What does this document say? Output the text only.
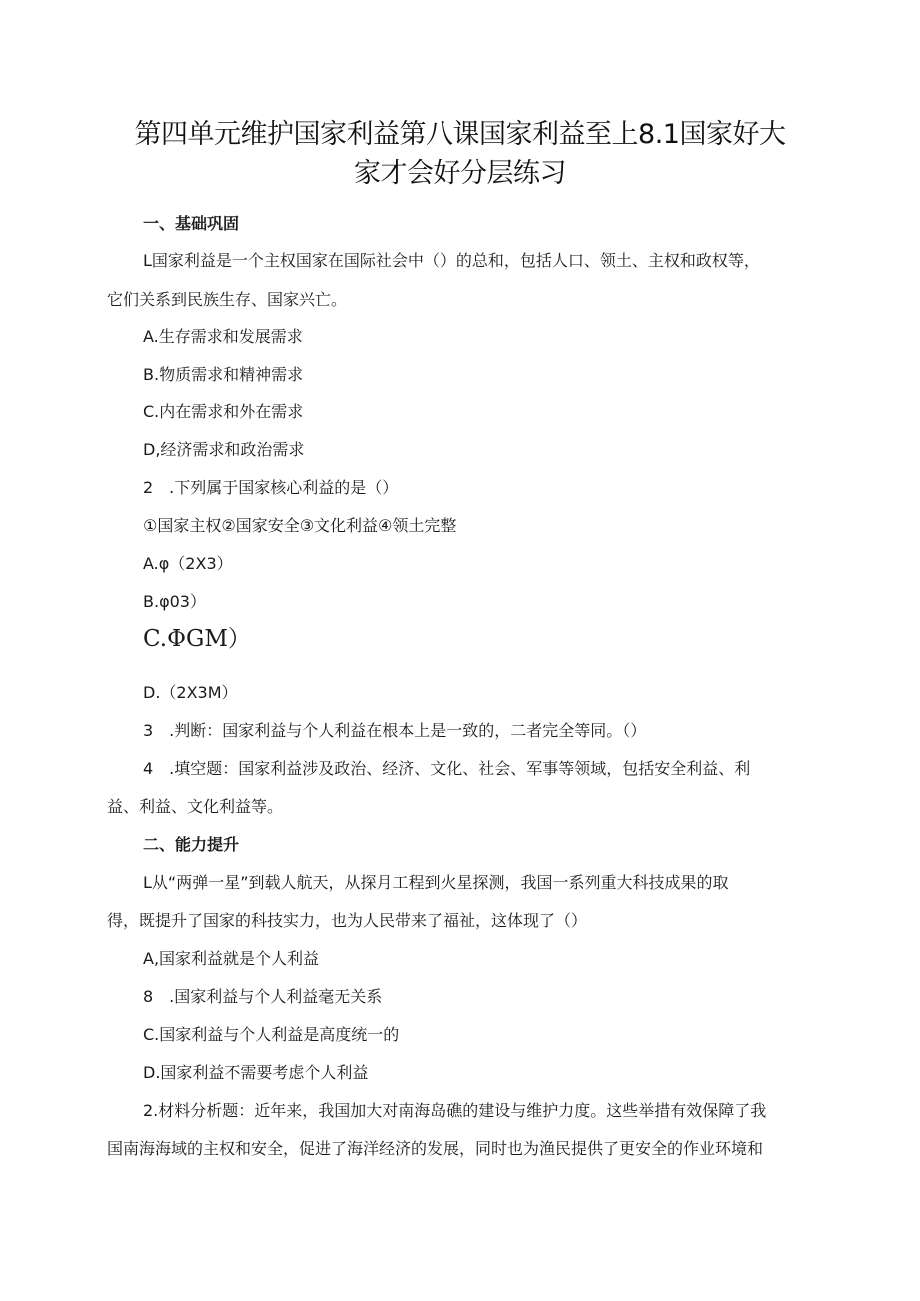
第四单元维护国家利益第八课国家利益至上8.1国家好大
家才会好分层练习
一、基础巩固
L国家利益是一个主权国家在国际社会中（）的总和，包括人口、领土、主权和政权等，
它们关系到民族生存、国家兴亡。
A.生存需求和发展需求
B.物质需求和精神需求
C.内在需求和外在需求
D,经济需求和政治需求
2　.下列属于国家核心利益的是（）
①国家主权②国家安全③文化利益④领土完整
A.φ（2X3）
B.φ03）
C.ΦGM）
D.（2X3M）
3　.判断：国家利益与个人利益在根本上是一致的，二者完全等同。（）
4　.填空题：国家利益涉及政治、经济、文化、社会、军事等领域，包括安全利益、利
益、利益、文化利益等。
二、能力提升
L从“两弹一星”到载人航天，从探月工程到火星探测，我国一系列重大科技成果的取
得，既提升了国家的科技实力，也为人民带来了福祉，这体现了（）
A,国家利益就是个人利益
8　.国家利益与个人利益毫无关系
C.国家利益与个人利益是高度统一的
D.国家利益不需要考虑个人利益
2.材料分析题：近年来，我国加大对南海岛礁的建设与维护力度。这些举措有效保障了我
国南海海域的主权和安全，促进了海洋经济的发展，同时也为渔民提供了更安全的作业环境和
